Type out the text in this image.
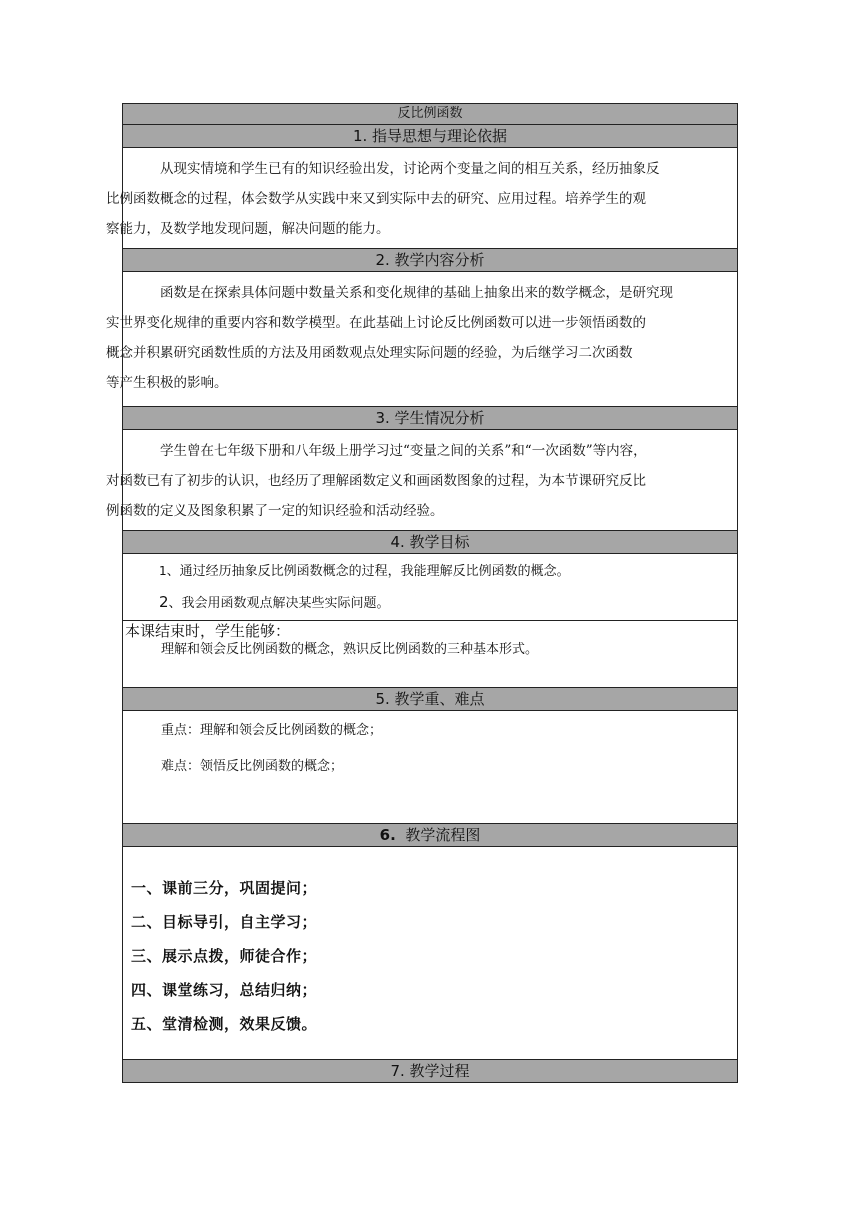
反比例函数
1. 指导思想与理论依据

从现实情境和学生已有的知识经验出发，讨论两个变量之间的相互关系，经历抽象反
比例函数概念的过程，体会数学从实践中来又到实际中去的研究、应用过程。培养学生的观
察能力，及数学地发现问题，解决问题的能力。

2. 教学内容分析

函数是在探索具体问题中数量关系和变化规律的基础上抽象出来的数学概念，是研究现
实世界变化规律的重要内容和数学模型。在此基础上讨论反比例函数可以进一步领悟函数的
概念并积累研究函数性质的方法及用函数观点处理实际问题的经验，为后继学习二次函数
等产生积极的影响。

3. 学生情况分析

学生曾在七年级下册和八年级上册学习过“变量之间的关系”和“一次函数”等内容，
对函数已有了初步的认识，也经历了理解函数定义和画函数图象的过程，为本节课研究反比
例函数的定义及图象积累了一定的知识经验和活动经验。

4. 教学目标

1、通过经历抽象反比例函数概念的过程，我能理解反比例函数的概念。

2、我会用函数观点解决某些实际问题。

本课结束时，学生能够：

理解和领会反比例函数的概念，熟识反比例函数的三种基本形式。

5. 教学重、难点

重点：理解和领会反比例函数的概念；

难点：领悟反比例函数的概念；

6. 教学流程图

一、课前三分，巩固提问；

二、目标导引，自主学习；

三、展示点拨，师徒合作；

四、课堂练习，总结归纳；

五、堂清检测，效果反馈。

7. 教学过程
